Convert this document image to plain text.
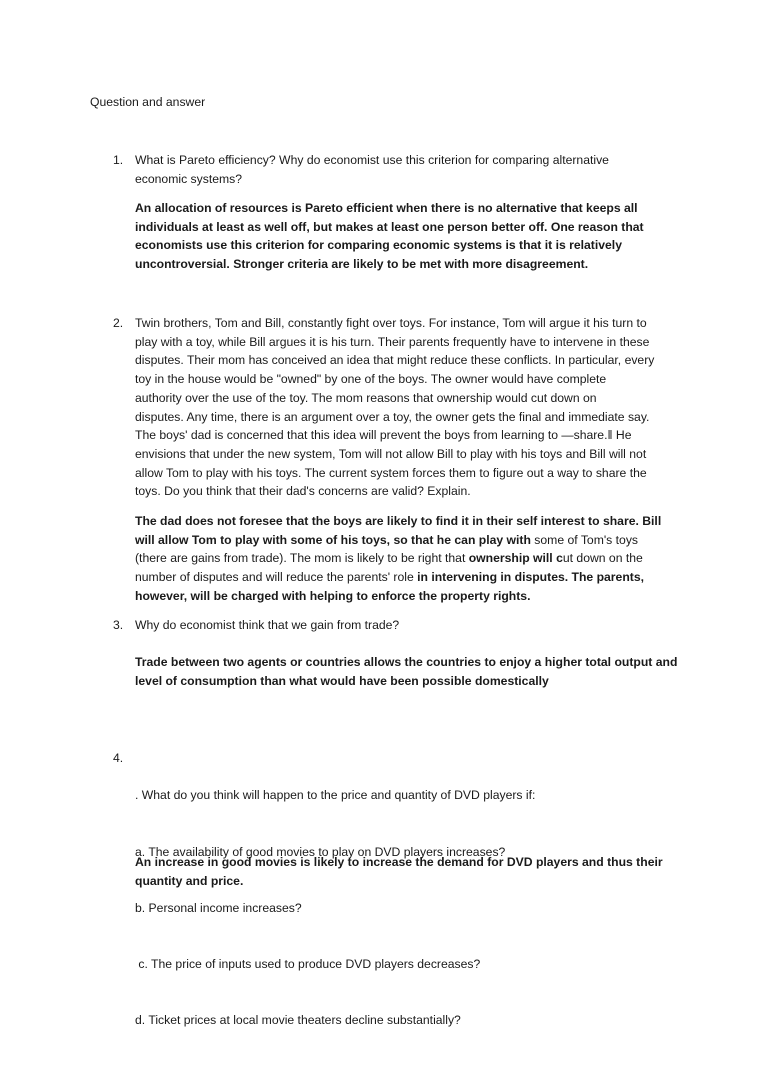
Question and answer
1. What is Pareto efficiency? Why do economist use this criterion for comparing alternative
economic systems?
An allocation of resources is Pareto efficient when there is no alternative that keeps all
individuals at least as well off, but makes at least one person better off. One reason that
economists use this criterion for comparing economic systems is that it is relatively
uncontroversial. Stronger criteria are likely to be met with more disagreement.
2. Twin brothers, Tom and Bill, constantly fight over toys. For instance, Tom will argue it his turn to
play with a toy, while Bill argues it is his turn. Their parents frequently have to intervene in these
disputes. Their mom has conceived an idea that might reduce these conflicts. In particular, every
toy in the house would be "owned" by one of the boys. The owner would have complete
authority over the use of the toy. The mom reasons that ownership would cut down on
disputes. Any time, there is an argument over a toy, the owner gets the final and immediate say.
The boys' dad is concerned that this idea will prevent the boys from learning to —share.‖ He
envisions that under the new system, Tom will not allow Bill to play with his toys and Bill will not
allow Tom to play with his toys. The current system forces them to figure out a way to share the
toys. Do you think that their dad's concerns are valid? Explain.
The dad does not foresee that the boys are likely to find it in their self interest to share. Bill
will allow Tom to play with some of his toys, so that he can play with some of Tom's toys
(there are gains from trade). The mom is likely to be right that ownership will cut down on the
number of disputes and will reduce the parents' role in intervening in disputes. The parents,
however, will be charged with helping to enforce the property rights.
3. Why do economist think that we gain from trade?
Trade between two agents or countries allows the countries to enjoy a higher total output and
level of consumption than what would have been possible domestically
4.

. What do you think will happen to the price and quantity of DVD players if:

a. The availability of good movies to play on DVD players increases?

b. Personal income increases?

c. The price of inputs used to produce DVD players decreases?

d. Ticket prices at local movie theaters decline substantially?

An increase in good movies is likely to increase the demand for DVD players and thus their
quantity and price.
